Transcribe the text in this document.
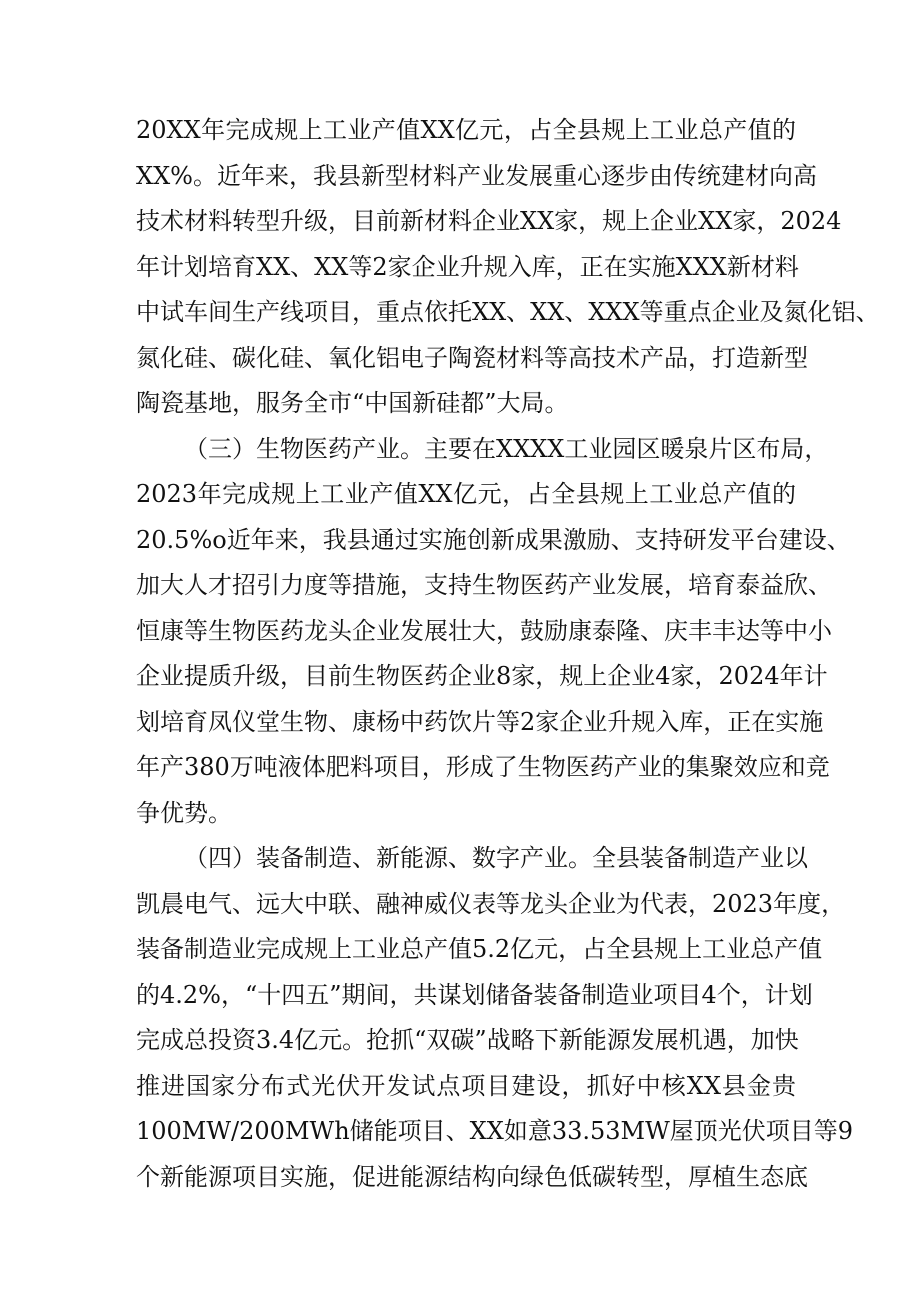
20XX年完成规上工业产值XX亿元，占全县规上工业总产值的
XX%。近年来，我县新型材料产业发展重心逐步由传统建材向高
技术材料转型升级，目前新材料企业XX家，规上企业XX家，2024
年计划培育XX、XX等2家企业升规入库，正在实施XXX新材料
中试车间生产线项目，重点依托XX、XX、XXX等重点企业及氮化铝、
氮化硅、碳化硅、氧化铝电子陶瓷材料等高技术产品，打造新型
陶瓷基地，服务全市“中国新硅都”大局。
（三）生物医药产业。主要在XXXX工业园区暖泉片区布局，
2023年完成规上工业产值XX亿元，占全县规上工业总产值的
20.5%o近年来，我县通过实施创新成果激励、支持研发平台建设、
加大人才招引力度等措施，支持生物医药产业发展，培育泰益欣、
恒康等生物医药龙头企业发展壮大，鼓励康泰隆、庆丰丰达等中小
企业提质升级，目前生物医药企业8家，规上企业4家，2024年计
划培育凤仪堂生物、康杨中药饮片等2家企业升规入库，正在实施
年产380万吨液体肥料项目，形成了生物医药产业的集聚效应和竞
争优势。
（四）装备制造、新能源、数字产业。全县装备制造产业以
凯晨电气、远大中联、融神威仪表等龙头企业为代表，2023年度，
装备制造业完成规上工业总产值5.2亿元，占全县规上工业总产值
的4.2%，“十四五”期间，共谋划储备装备制造业项目4个，计划
完成总投资3.4亿元。抢抓“双碳”战略下新能源发展机遇，加快
推进国家分布式光伏开发试点项目建设，抓好中核XX县金贵
100MW/200MWh储能项目、XX如意33.53MW屋顶光伏项目等9
个新能源项目实施，促进能源结构向绿色低碳转型，厚植生态底
